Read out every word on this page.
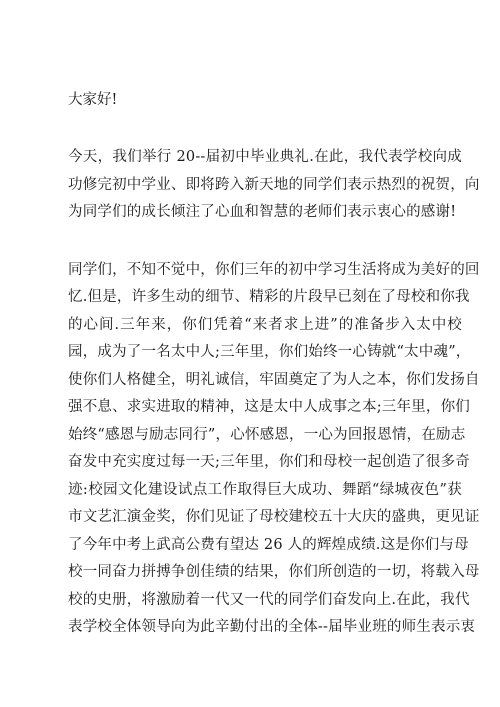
大家好!
今天，我们举行 20--届初中毕业典礼.在此，我代表学校向成
功修完初中学业、即将跨入新天地的同学们表示热烈的祝贺，向
为同学们的成长倾注了心血和智慧的老师们表示衷心的感谢!
同学们，不知不觉中，你们三年的初中学习生活将成为美好的回
忆.但是，许多生动的细节、精彩的片段早已刻在了母校和你我
的心间.三年来，你们凭着“来者求上进”的准备步入太中校
园，成为了一名太中人;三年里，你们始终一心铸就“太中魂”，
使你们人格健全，明礼诚信，牢固奠定了为人之本，你们发扬自
强不息、求实进取的精神，这是太中人成事之本;三年里，你们
始终“感恩与励志同行”，心怀感恩，一心为回报恩情，在励志
奋发中充实度过每一天;三年里，你们和母校一起创造了很多奇
迹:校园文化建设试点工作取得巨大成功、舞蹈“绿城夜色”获
市文艺汇演金奖，你们见证了母校建校五十大庆的盛典，更见证
了今年中考上武高公费有望达 26 人的辉煌成绩.这是你们与母
校一同奋力拼搏争创佳绩的结果，你们所创造的一切，将载入母
校的史册，将激励着一代又一代的同学们奋发向上.在此，我代
表学校全体领导向为此辛勤付出的全体--届毕业班的师生表示衷
